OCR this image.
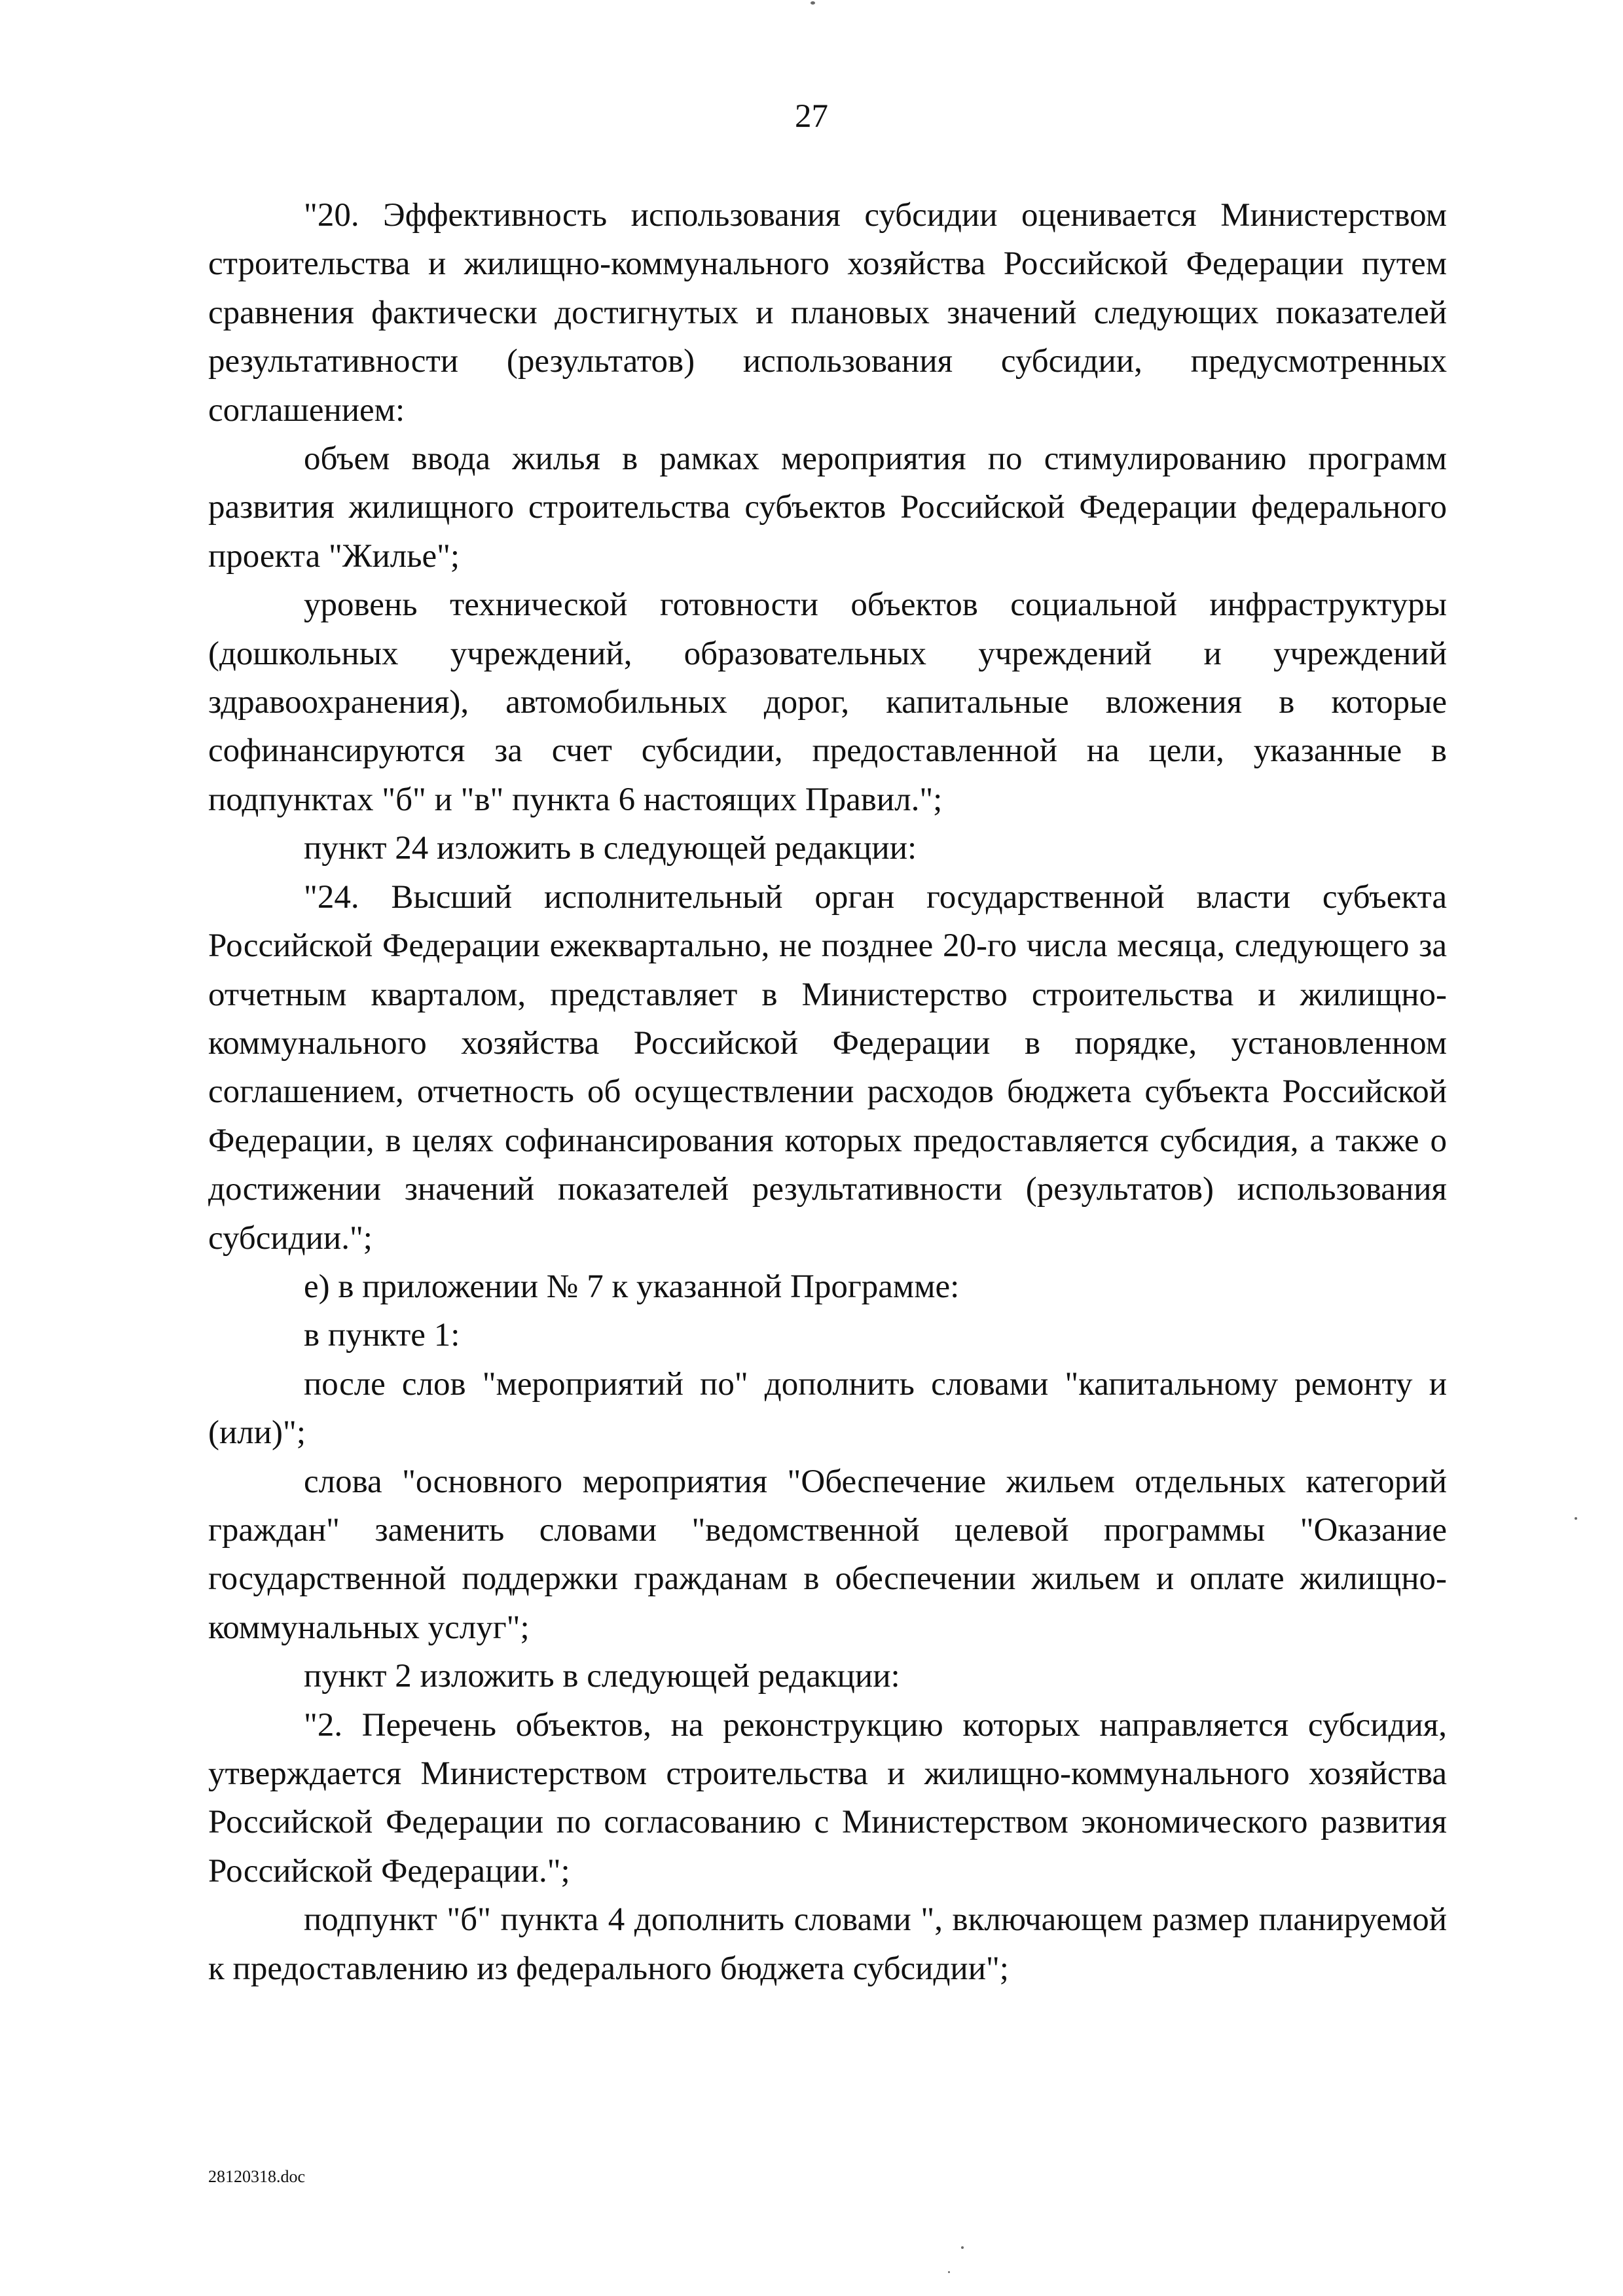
27

"20. Эффективность использования субсидии оценивается Министерством строительства и жилищно-коммунального хозяйства Российской Федерации путем сравнения фактически достигнутых и плановых значений следующих показателей результативности (результатов) использования субсидии, предусмотренных соглашением:

объем ввода жилья в рамках мероприятия по стимулированию программ развития жилищного строительства субъектов Российской Федерации федерального проекта "Жилье";

уровень технической готовности объектов социальной инфраструктуры (дошкольных учреждений, образовательных учреждений и учреждений здравоохранения), автомобильных дорог, капитальные вложения в которые софинансируются за счет субсидии, предоставленной на цели, указанные в подпунктах "б" и "в" пункта 6 настоящих Правил.";

пункт 24 изложить в следующей редакции:

"24. Высший исполнительный орган государственной власти субъекта Российской Федерации ежеквартально, не позднее 20-го числа месяца, следующего за отчетным кварталом, представляет в Министерство строительства и жилищно-коммунального хозяйства Российской Федерации в порядке, установленном соглашением, отчетность об осуществлении расходов бюджета субъекта Российской Федерации, в целях софинансирования которых предоставляется субсидия, а также о достижении значений показателей результативности (результатов) использования субсидии.";

е) в приложении № 7 к указанной Программе:

в пункте 1:

после слов "мероприятий по" дополнить словами "капитальному ремонту и (или)";

слова "основного мероприятия "Обеспечение жильем отдельных категорий граждан" заменить словами "ведомственной целевой программы "Оказание государственной поддержки гражданам в обеспечении жильем и оплате жилищно-коммунальных услуг";

пункт 2 изложить в следующей редакции:

"2. Перечень объектов, на реконструкцию которых направляется субсидия, утверждается Министерством строительства и жилищно-коммунального хозяйства Российской Федерации по согласованию с Министерством экономического развития Российской Федерации.";

подпункт "б" пункта 4 дополнить словами ", включающем размер планируемой к предоставлению из федерального бюджета субсидии";

28120318.doc
